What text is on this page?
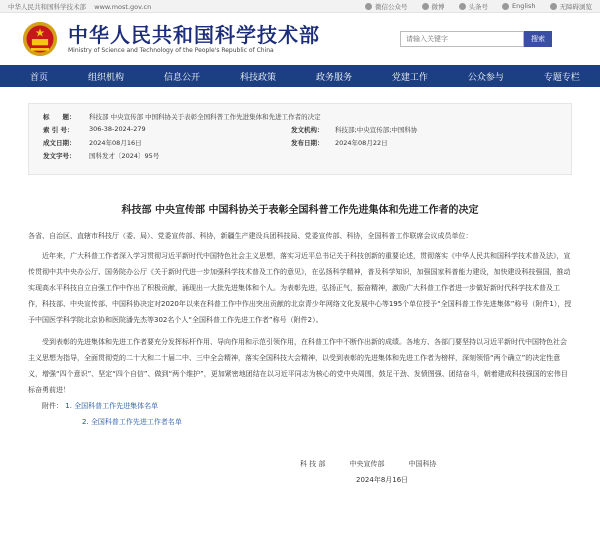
中华人民共和国科学技术部 www.most.gov.cn	微信公众号	微博	头条号	English	无障碍浏览
中华人民共和国科学技术部
Ministry of Science and Technology of the People's Republic of China
请输入关键字
搜索
首页	组织机构	信息公开	科技政策	政务服务	党建工作	公众参与	专题专栏
标　　题：	科技部 中央宣传部 中国科协关于表彰全国科普工作先进集体和先进工作者的决定
索 引 号：	306-38-2024-279	发文机构：	科技部;中央宣传部;中国科协
成文日期：	2024年08月16日	发布日期：	2024年08月22日
发文字号：	国科发才〔2024〕95号
科技部 中央宣传部 中国科协关于表彰全国科普工作先进集体和先进工作者的决定
各省、自治区、直辖市科技厅（委、局）、党委宣传部、科协，新疆生产建设兵团科技局、党委宣传部、科协，全国科普工作联席会议成员单位：
近年来，广大科普工作者深入学习贯彻习近平新时代中国特色社会主义思想，落实习近平总书记关于科技创新的重要论述，贯彻落实《中华人民共和国科学技术普及法》，宣传贯彻中共中央办公厅、国务院办公厅《关于新时代进一步加强科学技术普及工作的意见》，在弘扬科学精神，普及科学知识，加强国家科普能力建设，加快建设科技强国，推动实现高水平科技自立自强工作中作出了积极贡献，涌现出一大批先进集体和个人。为表彰先进，弘扬正气，振奋精神，激励广大科普工作者进一步做好新时代科学技术普及工作，科技部、中央宣传部、中国科协决定对2020年以来在科普工作中作出突出贡献的北京青少年网络文化发展中心等195个单位授予“全国科普工作先进集体”称号（附件1），授予中国医学科学院北京协和医院潘先杰等302名个人“全国科普工作先进工作者”称号（附件2）。
受到表彰的先进集体和先进工作者要充分发挥标杆作用、导向作用和示范引领作用，在科普工作中不断作出新的成绩。各地方、各部门要坚持以习近平新时代中国特色社会主义思想为指导，全面贯彻党的二十大和二十届二中、三中全会精神，落实全国科技大会精神，以受到表彰的先进集体和先进工作者为榜样，深刻领悟“两个确立”的决定性意义，增强“四个意识”、坚定“四个自信”、做到“两个维护”，更加紧密地团结在以习近平同志为核心的党中央周围，鼓足干劲、发愤图强、团结奋斗，朝着建成科技强国的宏伟目标奋勇前进！
附件： 1. 全国科普工作先进集体名单
2. 全国科普工作先进工作者名单
科 技 部	中央宣传部	中国科协
2024年8月16日
